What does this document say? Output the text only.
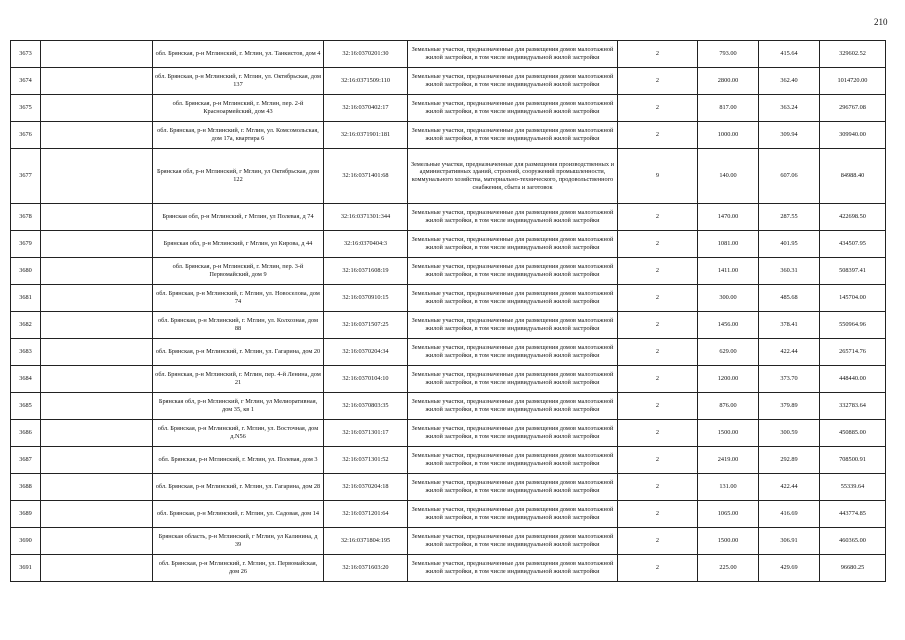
210
3673		обл. Брянская, р-н Мглинский, г. Мглин, ул. Танкистов, дом 4	32:16:0370201:30	Земельные участки, предназначенные для размещения домов малоэтажной жилой застройки, в том числе индивидуальной жилой застройки	2	793.00	415.64	329602.52
3674		обл. Брянская, р-н Мглинский, г. Мглин, ул. Октябрьская, дом 137	32:16:0371509:110	Земельные участки, предназначенные для размещения домов малоэтажной жилой застройки, в том числе индивидуальной жилой застройки	2	2800.00	362.40	1014720.00
3675		обл. Брянская, р-н Мглинский, г. Мглин, пер. 2-й Красноармейский, дом 43	32:16:0370402:17	Земельные участки, предназначенные для размещения домов малоэтажной жилой застройки, в том числе индивидуальной жилой застройки	2	817.00	363.24	296767.08
3676		обл. Брянская, р-н Мглинский, г. Мглин, ул. Комсомольская, дом 17а, квартира 6	32:16:0371901:181	Земельные участки, предназначенные для размещения домов малоэтажной жилой застройки, в том числе индивидуальной жилой застройки	2	1000.00	309.94	309940.00
3677		Брянская обл, р-н Мглинский, г Мглин, ул Октябрьская, дом 122	32:16:0371401:68	Земельные участки, предназначенные для размещения производственных и административных зданий, строений, сооружений промышленности, коммунального хозяйства, материально-технического, продовольственного снабжения, сбыта и заготовок	9	140.00	607.06	84988.40
3678		Брянская обл, р-н Мглинский, г Мглин, ул Полевая, д 74	32:16:0371301:344	Земельные участки, предназначенные для размещения домов малоэтажной жилой застройки, в том числе индивидуальной жилой застройки	2	1470.00	287.55	422698.50
3679		Брянская обл, р-н Мглинский, г Мглин, ул Кирова, д 44	32:16:0370404:3	Земельные участки, предназначенные для размещения домов малоэтажной жилой застройки, в том числе индивидуальной жилой застройки	2	1081.00	401.95	434507.95
3680		обл. Брянская, р-н Мглинский, г. Мглин, пер. 3-й Первомайский, дом 9	32:16:0371608:19	Земельные участки, предназначенные для размещения домов малоэтажной жилой застройки, в том числе индивидуальной жилой застройки	2	1411.00	360.31	508397.41
3681		обл. Брянская, р-н Мглинский, г. Мглин, ул. Новоселова, дом 74	32:16:0370910:15	Земельные участки, предназначенные для размещения домов малоэтажной жилой застройки, в том числе индивидуальной жилой застройки	2	300.00	485.68	145704.00
3682		обл. Брянская, р-н Мглинский, г. Мглин, ул. Колхозная, дом 88	32:16:0371507:25	Земельные участки, предназначенные для размещения домов малоэтажной жилой застройки, в том числе индивидуальной жилой застройки	2	1456.00	378.41	550964.96
3683		обл. Брянская, р-н Мглинский, г. Мглин, ул. Гагарина, дом 20	32:16:0370204:34	Земельные участки, предназначенные для размещения домов малоэтажной жилой застройки, в том числе индивидуальной жилой застройки	2	629.00	422.44	265714.76
3684		обл. Брянская, р-н Мглинский, г. Мглин, пер. 4-й Ленина, дом 21	32:16:0370104:10	Земельные участки, предназначенные для размещения домов малоэтажной жилой застройки, в том числе индивидуальной жилой застройки	2	1200.00	373.70	448440.00
3685		Брянская обл, р-н Мглинский, г Мглин, ул Мелиоративная, дом 35, кв 1	32:16:0370803:35	Земельные участки, предназначенные для размещения домов малоэтажной жилой застройки, в том числе индивидуальной жилой застройки	2	876.00	379.89	332783.64
3686		обл. Брянская, р-н Мглинский, г. Мглин, ул. Восточная, дом д.N56	32:16:0371301:17	Земельные участки, предназначенные для размещения домов малоэтажной жилой застройки, в том числе индивидуальной жилой застройки	2	1500.00	300.59	450885.00
3687		обл. Брянская, р-н Мглинский, г. Мглин, ул. Полевая, дом 3	32:16:0371301:52	Земельные участки, предназначенные для размещения домов малоэтажной жилой застройки, в том числе индивидуальной жилой застройки	2	2419.00	292.89	708500.91
3688		обл. Брянская, р-н Мглинский, г. Мглин, ул. Гагарина, дом 28	32:16:0370204:18	Земельные участки, предназначенные для размещения домов малоэтажной жилой застройки, в том числе индивидуальной жилой застройки	2	131.00	422.44	55339.64
3689		обл. Брянская, р-н Мглинский, г. Мглин, ул. Садовая, дом 14	32:16:0371201:64	Земельные участки, предназначенные для размещения домов малоэтажной жилой застройки, в том числе индивидуальной жилой застройки	2	1065.00	416.69	443774.85
3690		Брянская область, р-н Мглинский, г Мглин, ул Калинина, д 39	32:16:0371804:195	Земельные участки, предназначенные для размещения домов малоэтажной жилой застройки, в том числе индивидуальной жилой застройки	2	1500.00	306.91	460365.00
3691		обл. Брянская, р-н Мглинский, г. Мглин, ул. Первомайская, дом 26	32:16:0371603:20	Земельные участки, предназначенные для размещения домов малоэтажной жилой застройки, в том числе индивидуальной жилой застройки	2	225.00	429.69	96680.25
